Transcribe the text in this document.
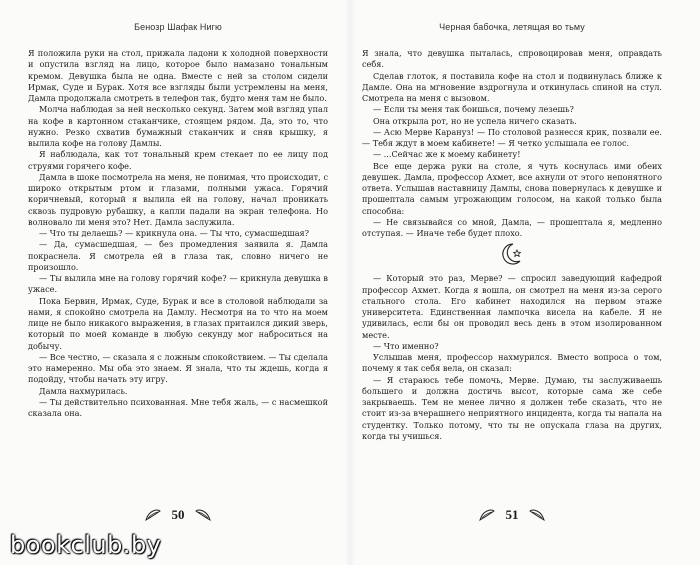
Бенозр Шафак Нигю

Я положила руки на стол, прижала ладони к холодной поверхности и опустила взгляд на лицо, которое было намазано тональным кремом. Девушка была не одна. Вместе с ней за столом сидели Ирмак, Суде и Бурак. Хотя все взгляды были устремлены на меня, Дамла продолжала смотреть в телефон так, будто меня там не было.

Молча наблюдая за ней несколько секунд. Затем мой взгляд упал на кофе в картонном стаканчике, стоящем рядом. Да, это то, что нужно. Резко схватив бумажный стаканчик и сняв крышку, я вылила кофе на голову Дамлы.

Я наблюдала, как тот тональный крем стекает по ее лицу под струями горячего кофе.

Дамла в шоке посмотрела на меня, не понимая, что происходит, с широко открытым ртом и глазами, полными ужаса. Горячий коричневый, который я вылила ей на голову, начал проникать сквозь пудровую рубашку, а капли падали на экран телефона. Но волновало ли меня это? Нет. Дамла заслужила.

— Что ты делаешь? — крикнула она. — Ты что, сумасшедшая?

— Да, сумасшедшая, — без промедления заявила я. Дамла покраснела. Я смотрела ей в глаза так, словно ничего не произошло.

— Ты вылила мне на голову горячий кофе? — крикнула девушка в ужасе.

Пока Бервин, Ирмак, Суде, Бурак и все в столовой наблюдали за нами, я спокойно смотрела на Дамлу. Несмотря на то что на моем лице не было никакого выражения, в глазах притаился дикий зверь, который по моей команде в любую секунду мог наброситься на добычу.

— Все честно, — сказала я с ложным спокойствием. — Ты сделала это намеренно. Мы оба это знаем. Я знала, что ты ждешь, когда я подойду, чтобы начать эту игру.

Дамла нахмурилась.

— Ты действительно психованная. Мне тебя жаль, — с насмешкой сказала она.

50
Черная бабочка, летящая во тьму

Я знала, что девушка пыталась, спровоцировав меня, оправдать себя.

Сделав глоток, я поставила кофе на стол и подвинулась ближе к Дамле. Она на мгновение вздрогнула и откинулась спиной на стул. Смотрела на меня с вызовом.

— Если ты меня так боишься, почему лезешь?

Она открыла рот, но не успела ничего сказать.

— Асю Мерве Карануз! — По столовой разнесся крик, позвали ее. — Тебя ждут в моем кабинете! — Я четко услышала ее голос.

— ...Сейчас же к моему кабинету!

Все еще держа руки на столе, я чуть коснулась ими обеих девушек. Дамла, профессор Ахмет, все ахнули от этого непонятного ответа. Услышав наставницу Дамлы, снова повернулась к девушке и прошептала самым угрожающим голосом, на какой только была способна:

— Не связывайся со мной, Дамла, — прошептала я, медленно отступая. — Иначе тебе будет плохо.

— Который это раз, Мерве? — спросил заведующий кафедрой профессор Ахмет. Когда я вошла, он смотрел на меня из-за серого стального стола. Его кабинет находился на первом этаже университета. Единственная лампочка висела на кабеле. Я не удивилась, если бы он проводил весь день в этом изолированном месте.

— Что именно?

Услышав меня, профессор нахмурился. Вместо вопроса о том, почему я так себя вела, он сказал:

— Я стараюсь тебе помочь, Мерве. Думаю, ты заслуживаешь большего и должна достичь высот, которые сама же себе закрываешь. Тем не менее лично я должен тебе сказать, что не стоит из-за вчерашнего неприятного инцидента, когда ты напала на студентку. Только потому, что ты не опускала глаза на других, когда ты учишься.

51
bookclub.by
